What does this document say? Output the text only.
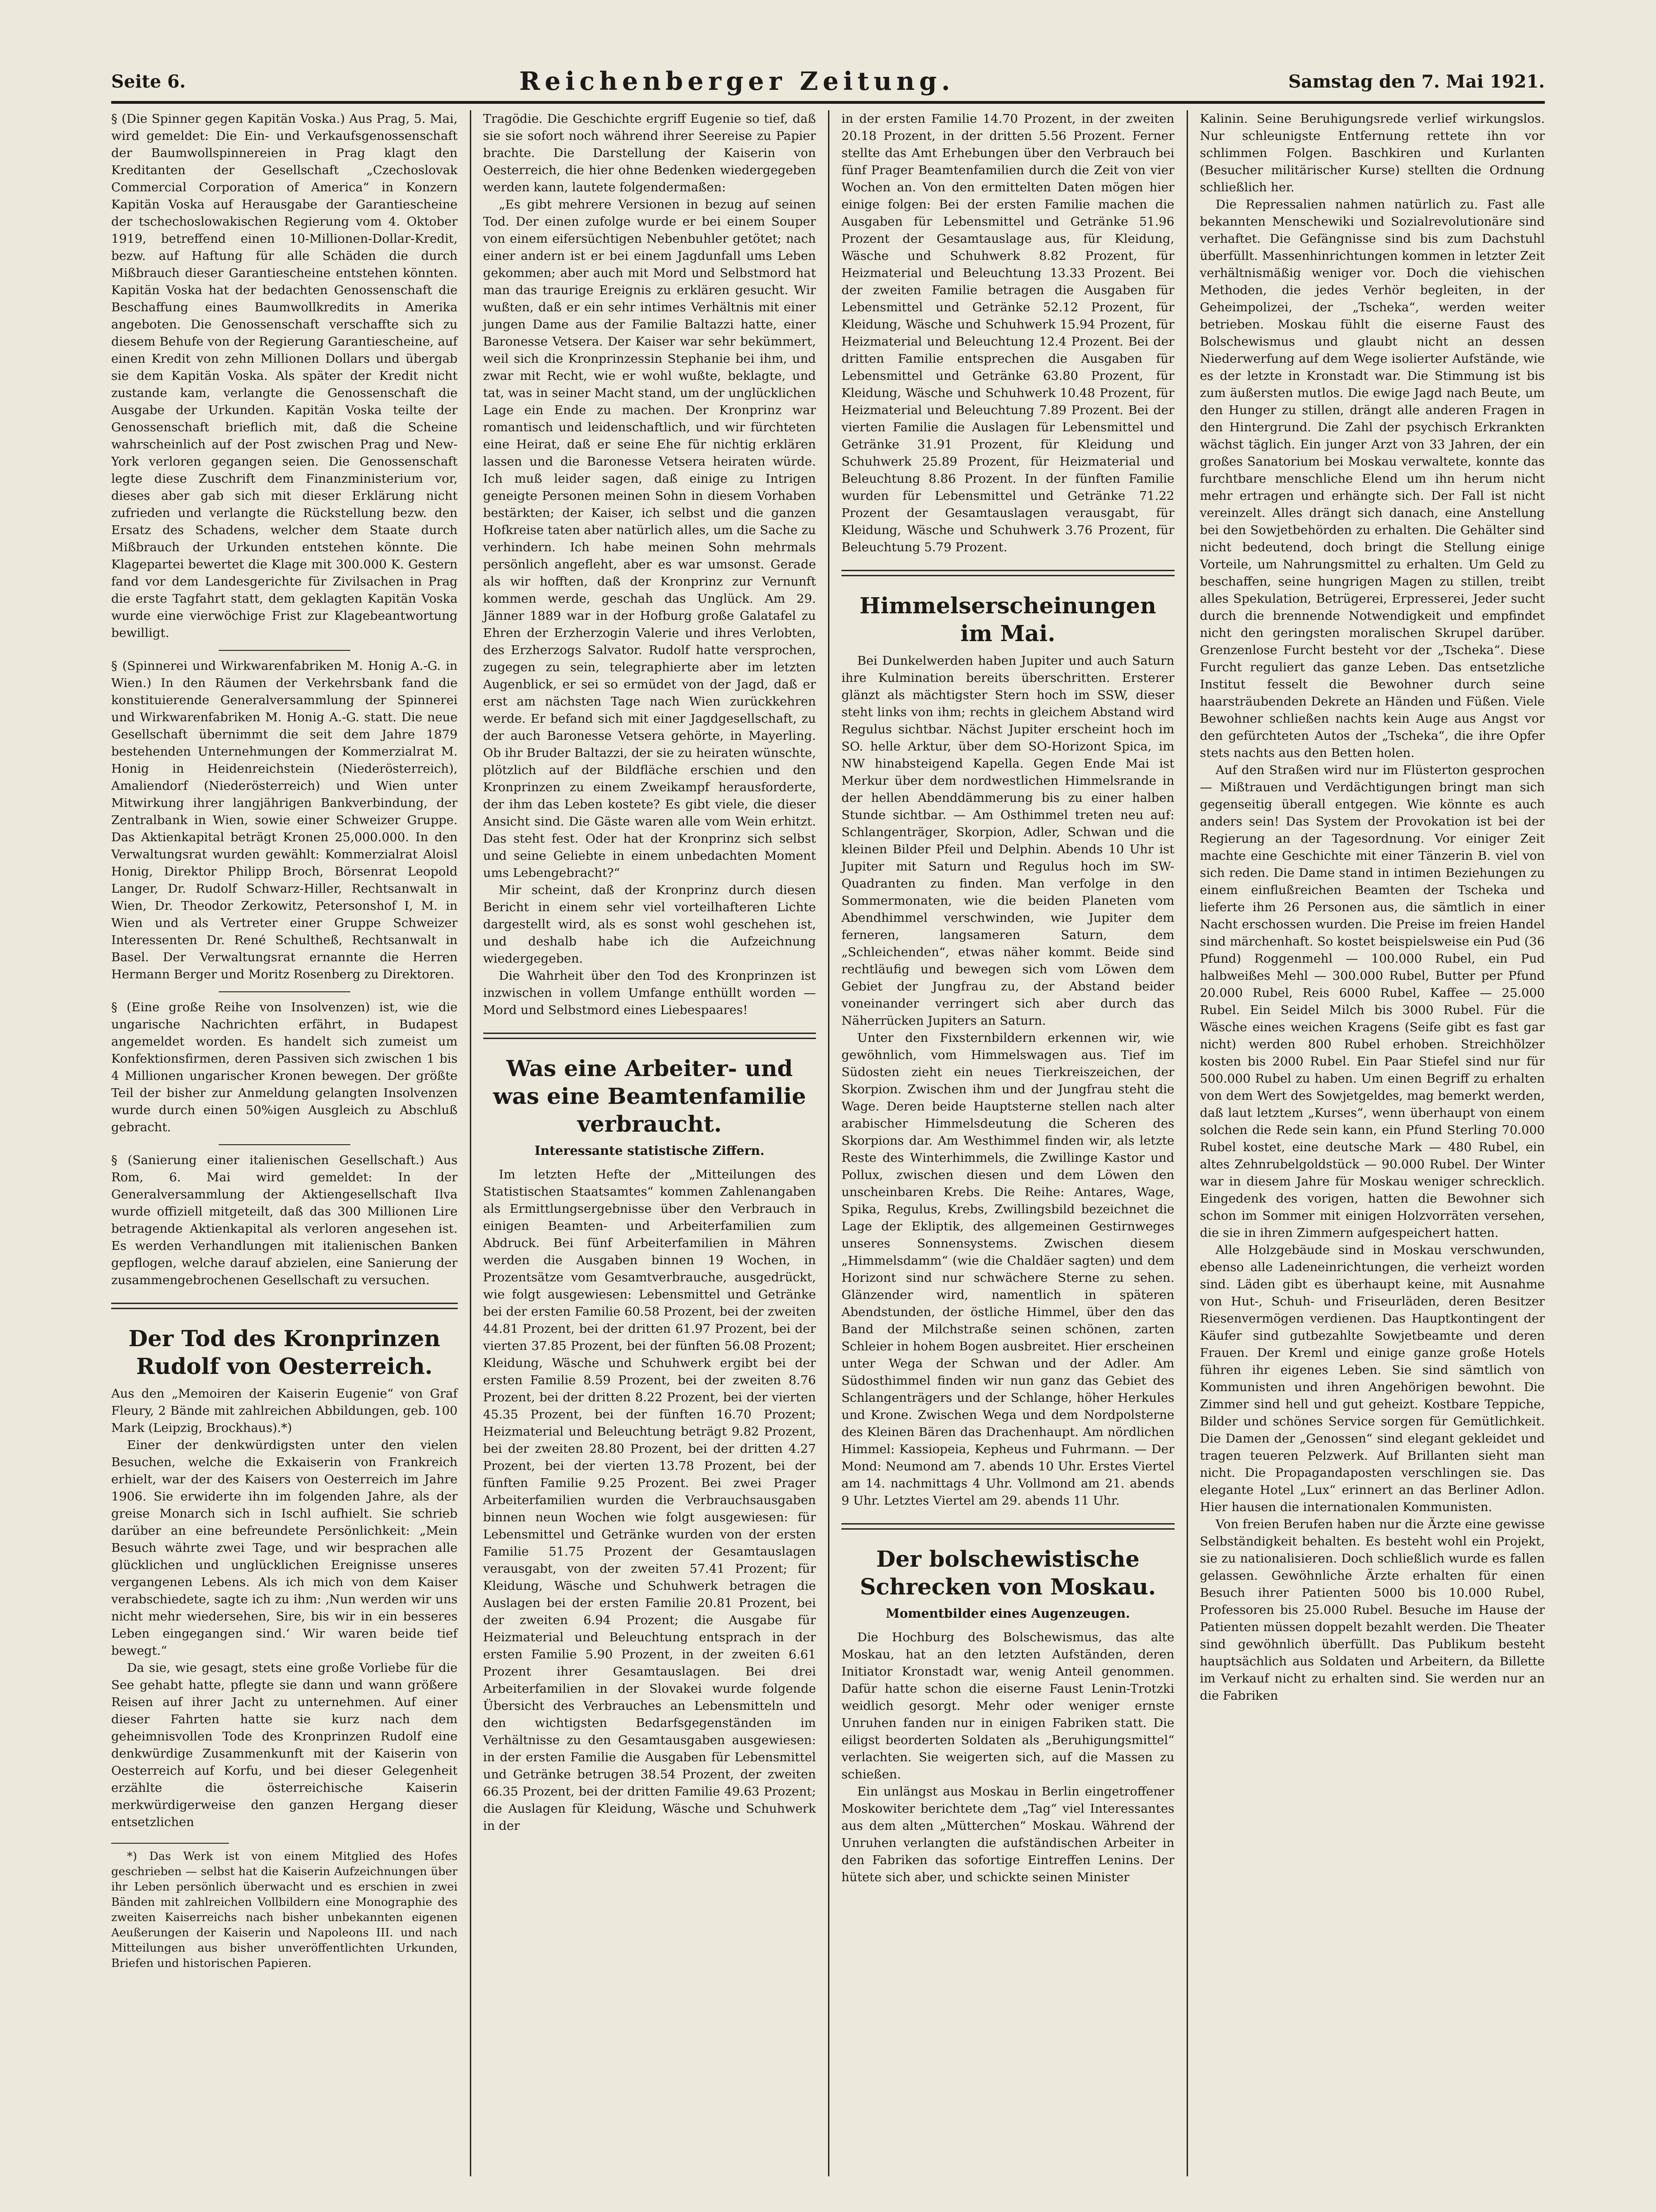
Seite 6.	Reichenberger Zeitung.	Samstag den 7. Mai 1921.

§ (Die Spinner gegen Kapitän Voska.) Aus Prag, 5. Mai, wird gemeldet: Die Ein- und Verkaufsgenossenschaft der Baumwollspinnereien in Prag klagt den Kreditanten der Gesellschaft „Czechoslovak Commercial Corporation of America“ in Konzern Kapitän Voska auf Herausgabe der Garantiescheine der tschechoslowakischen Regierung vom 4. Oktober 1919, betreffend einen 10-Millionen-Dollar-Kredit, bezw. auf Haftung für alle Schäden die durch Mißbrauch dieser Garantiescheine entstehen könnten. Kapitän Voska hat der bedachten Genossenschaft die Beschaffung eines Baumwollkredits in Amerika angeboten. Die Genossenschaft verschaffte sich zu diesem Behufe von der Regierung Garantiescheine, auf einen Kredit von zehn Millionen Dollars und übergab sie dem Kapitän Voska. Als später der Kredit nicht zustande kam, verlangte die Genossenschaft die Ausgabe der Urkunden. Kapitän Voska teilte der Genossenschaft brieflich mit, daß die Scheine wahrscheinlich auf der Post zwischen Prag und New-York verloren gegangen seien. Die Genossenschaft legte diese Zuschrift dem Finanzministerium vor, dieses aber gab sich mit dieser Erklärung nicht zufrieden und verlangte die Rückstellung bezw. den Ersatz des Schadens, welcher dem Staate durch Mißbrauch der Urkunden entstehen könnte. Die Klagepartei bewertet die Klage mit 300.000 K. Gestern fand vor dem Landesgerichte für Zivilsachen in Prag die erste Tagfahrt statt, dem geklagten Kapitän Voska wurde eine vierwöchige Frist zur Klagebeantwortung bewilligt.

§ (Spinnerei und Wirkwarenfabriken M. Honig A.-G. in Wien.) In den Räumen der Verkehrsbank fand die konstituierende Generalversammlung der Spinnerei und Wirkwarenfabriken M. Honig A.-G. statt. Die neue Gesellschaft übernimmt die seit dem Jahre 1879 bestehenden Unternehmungen der Kommerzialrat M. Honig in Heidenreichstein (Niederösterreich), Amaliendorf (Niederösterreich) und Wien unter Mitwirkung ihrer langjährigen Bankverbindung, der Zentralbank in Wien, sowie einer Schweizer Gruppe. Das Aktienkapital beträgt Kronen 25,000.000. In den Verwaltungsrat wurden gewählt: Kommerzialrat Aloisl Honig, Direktor Philipp Broch, Börsenrat Leopold Langer, Dr. Rudolf Schwarz-Hiller, Rechtsanwalt in Wien, Dr. Theodor Zerkowitz, Petersonshof I, M. in Wien und als Vertreter einer Gruppe Schweizer Interessenten Dr. René Schultheß, Rechtsanwalt in Basel. Der Verwaltungsrat ernannte die Herren Hermann Berger und Moritz Rosenberg zu Direktoren.

§ (Eine große Reihe von Insolvenzen) ist, wie die ungarische Nachrichten erfährt, in Budapest angemeldet worden. Es handelt sich zumeist um Konfektionsfirmen, deren Passiven sich zwischen 1 bis 4 Millionen ungarischer Kronen bewegen. Der größte Teil der bisher zur Anmeldung gelangten Insolvenzen wurde durch einen 50%igen Ausgleich zu Abschluß gebracht.

§ (Sanierung einer italienischen Gesellschaft.) Aus Rom, 6. Mai wird gemeldet: In der Generalversammlung der Aktiengesellschaft Ilva wurde offiziell mitgeteilt, daß das 300 Millionen Lire betragende Aktienkapital als verloren angesehen ist. Es werden Verhandlungen mit italienischen Banken gepflogen, welche darauf abzielen, eine Sanierung der zusammengebrochenen Gesellschaft zu versuchen.

Der Tod des Kronprinzen Rudolf von Oesterreich.

Aus den „Memoiren der Kaiserin Eugenie“ von Graf Fleury, 2 Bände mit zahlreichen Abbildungen, geb. 100 Mark (Leipzig, Brockhaus).*)

Einer der denkwürdigsten unter den vielen Besuchen, welche die Exkaiserin von Frankreich erhielt, war der des Kaisers von Oesterreich im Jahre 1906. Sie erwiderte ihn im folgenden Jahre, als der greise Monarch sich in Ischl aufhielt. Sie schrieb darüber an eine befreundete Persönlichkeit: „Mein Besuch währte zwei Tage, und wir besprachen alle glücklichen und unglücklichen Ereignisse unseres vergangenen Lebens. Als ich mich von dem Kaiser verabschiedete, sagte ich zu ihm: ‚Nun werden wir uns nicht mehr wiedersehen, Sire, bis wir in ein besseres Leben eingegangen sind.‘ Wir waren beide tief bewegt.“

Da sie, wie gesagt, stets eine große Vorliebe für die See gehabt hatte, pflegte sie dann und wann größere Reisen auf ihrer Jacht zu unternehmen. Auf einer dieser Fahrten hatte sie kurz nach dem geheimnisvollen Tode des Kronprinzen Rudolf eine denkwürdige Zusammenkunft mit der Kaiserin von Oesterreich auf Korfu, und bei dieser Gelegenheit erzählte die österreichische Kaiserin merkwürdigerweise den ganzen Hergang dieser entsetzlichen

*) Das Werk ist von einem Mitglied des Hofes geschrieben — selbst hat die Kaiserin Aufzeichnungen über ihr Leben persönlich überwacht und es erschien in zwei Bänden mit zahlreichen Vollbildern eine Monographie des zweiten Kaiserreichs nach bisher unbekannten eigenen Aeußerungen der Kaiserin und Napoleons III. und nach Mitteilungen aus bisher unveröffentlichten Urkunden, Briefen und historischen Papieren.

Tragödie. Die Geschichte ergriff Eugenie so tief, daß sie sie sofort noch während ihrer Seereise zu Papier brachte. Die Darstellung der Kaiserin von Oesterreich, die hier ohne Bedenken wiedergegeben werden kann, lautete folgendermaßen:

„Es gibt mehrere Versionen in bezug auf seinen Tod. Der einen zufolge wurde er bei einem Souper von einem eifersüchtigen Nebenbuhler getötet; nach einer andern ist er bei einem Jagdunfall ums Leben gekommen; aber auch mit Mord und Selbstmord hat man das traurige Ereignis zu erklären gesucht. Wir wußten, daß er ein sehr intimes Verhältnis mit einer jungen Dame aus der Familie Baltazzi hatte, einer Baronesse Vetsera. Der Kaiser war sehr bekümmert, weil sich die Kronprinzessin Stephanie bei ihm, und zwar mit Recht, wie er wohl wußte, beklagte, und tat, was in seiner Macht stand, um der unglücklichen Lage ein Ende zu machen. Der Kronprinz war romantisch und leidenschaftlich, und wir fürchteten eine Heirat, daß er seine Ehe für nichtig erklären lassen und die Baronesse Vetsera heiraten würde. Ich muß leider sagen, daß einige zu Intrigen geneigte Personen meinen Sohn in diesem Vorhaben bestärkten; der Kaiser, ich selbst und die ganzen Hofkreise taten aber natürlich alles, um die Sache zu verhindern. Ich habe meinen Sohn mehrmals persönlich angefleht, aber es war umsonst. Gerade als wir hofften, daß der Kronprinz zur Vernunft kommen werde, geschah das Unglück. Am 29. Jänner 1889 war in der Hofburg große Galatafel zu Ehren der Erzherzogin Valerie und ihres Verlobten, des Erzherzogs Salvator. Rudolf hatte versprochen, zugegen zu sein, telegraphierte aber im letzten Augenblick, er sei so ermüdet von der Jagd, daß er erst am nächsten Tage nach Wien zurückkehren werde. Er befand sich mit einer Jagdgesellschaft, zu der auch Baronesse Vetsera gehörte, in Mayerling. Ob ihr Bruder Baltazzi, der sie zu heiraten wünschte, plötzlich auf der Bildfläche erschien und den Kronprinzen zu einem Zweikampf herausforderte, der ihm das Leben kostete? Es gibt viele, die dieser Ansicht sind. Die Gäste waren alle vom Wein erhitzt. Das steht fest. Oder hat der Kronprinz sich selbst und seine Geliebte in einem unbedachten Moment ums Lebengebracht?“

Mir scheint, daß der Kronprinz durch diesen Bericht in einem sehr viel vorteilhafteren Lichte dargestellt wird, als es sonst wohl geschehen ist, und deshalb habe ich die Aufzeichnung wiedergegeben.

Die Wahrheit über den Tod des Kronprinzen ist inzwischen in vollem Umfange enthüllt worden — Mord und Selbstmord eines Liebespaares!

Was eine Arbeiter- und was eine Beamtenfamilie verbraucht.
Interessante statistische Ziffern.

Im letzten Hefte der „Mitteilungen des Statistischen Staatsamtes“ kommen Zahlenangaben als Ermittlungsergebnisse über den Verbrauch in einigen Beamten- und Arbeiterfamilien zum Abdruck. Bei fünf Arbeiterfamilien in Mähren werden die Ausgaben binnen 19 Wochen, in Prozentsätze vom Gesamtverbrauche, ausgedrückt, wie folgt ausgewiesen: Lebensmittel und Getränke bei der ersten Familie 60.58 Prozent, bei der zweiten 44.81 Prozent, bei der dritten 61.97 Prozent, bei der vierten 37.85 Prozent, bei der fünften 56.08 Prozent; Kleidung, Wäsche und Schuhwerk ergibt bei der ersten Familie 8.59 Prozent, bei der zweiten 8.76 Prozent, bei der dritten 8.22 Prozent, bei der vierten 45.35 Prozent, bei der fünften 16.70 Prozent; Heizmaterial und Beleuchtung beträgt 9.82 Prozent, bei der zweiten 28.80 Prozent, bei der dritten 4.27 Prozent, bei der vierten 13.78 Prozent, bei der fünften Familie 9.25 Prozent. Bei zwei Prager Arbeiterfamilien wurden die Verbrauchsausgaben binnen neun Wochen wie folgt ausgewiesen: für Lebensmittel und Getränke wurden von der ersten Familie 51.75 Prozent der Gesamtauslagen verausgabt, von der zweiten 57.41 Prozent; für Kleidung, Wäsche und Schuhwerk betragen die Auslagen bei der ersten Familie 20.81 Prozent, bei der zweiten 6.94 Prozent; die Ausgabe für Heizmaterial und Beleuchtung entsprach in der ersten Familie 5.90 Prozent, in der zweiten 6.61 Prozent ihrer Gesamtauslagen. Bei drei Arbeiterfamilien in der Slovakei wurde folgende Übersicht des Verbrauches an Lebensmitteln und den wichtigsten Bedarfsgegenständen im Verhältnisse zu den Gesamtausgaben ausgewiesen: in der ersten Familie die Ausgaben für Lebensmittel und Getränke betrugen 38.54 Prozent, der zweiten 66.35 Prozent, bei der dritten Familie 49.63 Prozent; die Auslagen für Kleidung, Wäsche und Schuhwerk in der

in der ersten Familie 14.70 Prozent, in der zweiten 20.18 Prozent, in der dritten 5.56 Prozent. Ferner stellte das Amt Erhebungen über den Verbrauch bei fünf Prager Beamtenfamilien durch die Zeit von vier Wochen an. Von den ermittelten Daten mögen hier einige folgen: Bei der ersten Familie machen die Ausgaben für Lebensmittel und Getränke 51.96 Prozent der Gesamtauslage aus, für Kleidung, Wäsche und Schuhwerk 8.82 Prozent, für Heizmaterial und Beleuchtung 13.33 Prozent. Bei der zweiten Familie betragen die Ausgaben für Lebensmittel und Getränke 52.12 Prozent, für Kleidung, Wäsche und Schuhwerk 15.94 Prozent, für Heizmaterial und Beleuchtung 12.4 Prozent. Bei der dritten Familie entsprechen die Ausgaben für Lebensmittel und Getränke 63.80 Prozent, für Kleidung, Wäsche und Schuhwerk 10.48 Prozent, für Heizmaterial und Beleuchtung 7.89 Prozent. Bei der vierten Familie die Auslagen für Lebensmittel und Getränke 31.91 Prozent, für Kleidung und Schuhwerk 25.89 Prozent, für Heizmaterial und Beleuchtung 8.86 Prozent. In der fünften Familie wurden für Lebensmittel und Getränke 71.22 Prozent der Gesamtauslagen verausgabt, für Kleidung, Wäsche und Schuhwerk 3.76 Prozent, für Beleuchtung 5.79 Prozent.

Himmelserscheinungen im Mai.

Bei Dunkelwerden haben Jupiter und auch Saturn ihre Kulmination bereits überschritten. Ersterer glänzt als mächtigster Stern hoch im SSW, dieser steht links von ihm; rechts in gleichem Abstand wird Regulus sichtbar. Nächst Jupiter erscheint hoch im SO. helle Arktur, über dem SO-Horizont Spica, im NW hinabsteigend Kapella. Gegen Ende Mai ist Merkur über dem nordwestlichen Himmelsrande in der hellen Abenddämmerung bis zu einer halben Stunde sichtbar. — Am Osthimmel treten neu auf: Schlangenträger, Skorpion, Adler, Schwan und die kleinen Bilder Pfeil und Delphin. Abends 10 Uhr ist Jupiter mit Saturn und Regulus hoch im SW-Quadranten zu finden. Man verfolge in den Sommermonaten, wie die beiden Planeten vom Abendhimmel verschwinden, wie Jupiter dem ferneren, langsameren Saturn, dem „Schleichenden“, etwas näher kommt. Beide sind rechtläufig und bewegen sich vom Löwen dem Gebiet der Jungfrau zu, der Abstand beider voneinander verringert sich aber durch das Näherrücken Jupiters an Saturn.

Unter den Fixsternbildern erkennen wir, wie gewöhnlich, vom Himmelswagen aus. Tief im Südosten zieht ein neues Tierkreiszeichen, der Skorpion. Zwischen ihm und der Jungfrau steht die Wage. Deren beide Hauptsterne stellen nach alter arabischer Himmelsdeutung die Scheren des Skorpions dar. Am Westhimmel finden wir, als letzte Reste des Winterhimmels, die Zwillinge Kastor und Pollux, zwischen diesen und dem Löwen den unscheinbaren Krebs. Die Reihe: Antares, Wage, Spika, Regulus, Krebs, Zwillingsbild bezeichnet die Lage der Ekliptik, des allgemeinen Gestirnweges unseres Sonnensystems. Zwischen diesem „Himmelsdamm“ (wie die Chaldäer sagten) und dem Horizont sind nur schwächere Sterne zu sehen. Glänzender wird, namentlich in späteren Abendstunden, der östliche Himmel, über den das Band der Milchstraße seinen schönen, zarten Schleier in hohem Bogen ausbreitet. Hier erscheinen unter Wega der Schwan und der Adler. Am Südosthimmel finden wir nun ganz das Gebiet des Schlangenträgers und der Schlange, höher Herkules und Krone. Zwischen Wega und dem Nordpolsterne des Kleinen Bären das Drachenhaupt. Am nördlichen Himmel: Kassiopeia, Kepheus und Fuhrmann. — Der Mond: Neumond am 7. abends 10 Uhr. Erstes Viertel am 14. nachmittags 4 Uhr. Vollmond am 21. abends 9 Uhr. Letztes Viertel am 29. abends 11 Uhr.

Der bolschewistische Schrecken von Moskau.
Momentbilder eines Augenzeugen.

Die Hochburg des Bolschewismus, das alte Moskau, hat an den letzten Aufständen, deren Initiator Kronstadt war, wenig Anteil genommen. Dafür hatte schon die eiserne Faust Lenin-Trotzki weidlich gesorgt. Mehr oder weniger ernste Unruhen fanden nur in einigen Fabriken statt. Die eiligst beorderten Soldaten als „Beruhigungsmittel“ verlachten. Sie weigerten sich, auf die Massen zu schießen.

Ein unlängst aus Moskau in Berlin eingetroffener Moskowiter berichtete dem „Tag“ viel Interessantes aus dem alten „Mütterchen“ Moskau. Während der Unruhen verlangten die aufständischen Arbeiter in den Fabriken das sofortige Eintreffen Lenins. Der hütete sich aber, und schickte seinen Minister

Kalinin. Seine Beruhigungsrede verlief wirkungslos. Nur schleunigste Entfernung rettete ihn vor schlimmen Folgen. Baschkiren und Kurlanten (Besucher militärischer Kurse) stellten die Ordnung schließlich her.

Die Repressalien nahmen natürlich zu. Fast alle bekannten Menschewiki und Sozialrevolutionäre sind verhaftet. Die Gefängnisse sind bis zum Dachstuhl überfüllt. Massenhinrichtungen kommen in letzter Zeit verhältnismäßig weniger vor. Doch die viehischen Methoden, die jedes Verhör begleiten, in der Geheimpolizei, der „Tscheka“, werden weiter betrieben. Moskau fühlt die eiserne Faust des Bolschewismus und glaubt nicht an dessen Niederwerfung auf dem Wege isolierter Aufstände, wie es der letzte in Kronstadt war. Die Stimmung ist bis zum äußersten mutlos. Die ewige Jagd nach Beute, um den Hunger zu stillen, drängt alle anderen Fragen in den Hintergrund. Die Zahl der psychisch Erkrankten wächst täglich. Ein junger Arzt von 33 Jahren, der ein großes Sanatorium bei Moskau verwaltete, konnte das furchtbare menschliche Elend um ihn herum nicht mehr ertragen und erhängte sich. Der Fall ist nicht vereinzelt. Alles drängt sich danach, eine Anstellung bei den Sowjetbehörden zu erhalten. Die Gehälter sind nicht bedeutend, doch bringt die Stellung einige Vorteile, um Nahrungsmittel zu erhalten. Um Geld zu beschaffen, seine hungrigen Magen zu stillen, treibt alles Spekulation, Betrügerei, Erpresserei, Jeder sucht durch die brennende Notwendigkeit und empfindet nicht den geringsten moralischen Skrupel darüber. Grenzenlose Furcht besteht vor der „Tscheka“. Diese Furcht reguliert das ganze Leben. Das entsetzliche Institut fesselt die Bewohner durch seine haarsträubenden Dekrete an Händen und Füßen. Viele Bewohner schließen nachts kein Auge aus Angst vor den gefürchteten Autos der „Tscheka“, die ihre Opfer stets nachts aus den Betten holen.

Auf den Straßen wird nur im Flüsterton gesprochen — Mißtrauen und Verdächtigungen bringt man sich gegenseitig überall entgegen. Wie könnte es auch anders sein! Das System der Provokation ist bei der Regierung an der Tagesordnung. Vor einiger Zeit machte eine Geschichte mit einer Tänzerin B. viel von sich reden. Die Dame stand in intimen Beziehungen zu einem einflußreichen Beamten der Tscheka und lieferte ihm 26 Personen aus, die sämtlich in einer Nacht erschossen wurden. Die Preise im freien Handel sind märchenhaft. So kostet beispielsweise ein Pud (36 Pfund) Roggenmehl — 100.000 Rubel, ein Pud halbweißes Mehl — 300.000 Rubel, Butter per Pfund 20.000 Rubel, Reis 6000 Rubel, Kaffee — 25.000 Rubel. Ein Seidel Milch bis 3000 Rubel. Für die Wäsche eines weichen Kragens (Seife gibt es fast gar nicht) werden 800 Rubel erhoben. Streichhölzer kosten bis 2000 Rubel. Ein Paar Stiefel sind nur für 500.000 Rubel zu haben. Um einen Begriff zu erhalten von dem Wert des Sowjetgeldes, mag bemerkt werden, daß laut letztem „Kurses“, wenn überhaupt von einem solchen die Rede sein kann, ein Pfund Sterling 70.000 Rubel kostet, eine deutsche Mark — 480 Rubel, ein altes Zehnrubelgoldstück — 90.000 Rubel. Der Winter war in diesem Jahre für Moskau weniger schrecklich. Eingedenk des vorigen, hatten die Bewohner sich schon im Sommer mit einigen Holzvorräten versehen, die sie in ihren Zimmern aufgespeichert hatten.

Alle Holzgebäude sind in Moskau verschwunden, ebenso alle Ladeneinrichtungen, die verheizt worden sind. Läden gibt es überhaupt keine, mit Ausnahme von Hut-, Schuh- und Friseurläden, deren Besitzer Riesenvermögen verdienen. Das Hauptkontingent der Käufer sind gutbezahlte Sowjetbeamte und deren Frauen. Der Kreml und einige ganze große Hotels führen ihr eigenes Leben. Sie sind sämtlich von Kommunisten und ihren Angehörigen bewohnt. Die Zimmer sind hell und gut geheizt. Kostbare Teppiche, Bilder und schönes Service sorgen für Gemütlichkeit. Die Damen der „Genossen“ sind elegant gekleidet und tragen teueren Pelzwerk. Auf Brillanten sieht man nicht. Die Propagandaposten verschlingen sie. Das elegante Hotel „Lux“ erinnert an das Berliner Adlon. Hier hausen die internationalen Kommunisten.

Von freien Berufen haben nur die Ärzte eine gewisse Selbständigkeit behalten. Es besteht wohl ein Projekt, sie zu nationalisieren. Doch schließlich wurde es fallen gelassen. Gewöhnliche Ärzte erhalten für einen Besuch ihrer Patienten 5000 bis 10.000 Rubel, Professoren bis 25.000 Rubel. Besuche im Hause der Patienten müssen doppelt bezahlt werden. Die Theater sind gewöhnlich überfüllt. Das Publikum besteht hauptsächlich aus Soldaten und Arbeitern, da Billette im Verkauf nicht zu erhalten sind. Sie werden nur an die Fabriken
